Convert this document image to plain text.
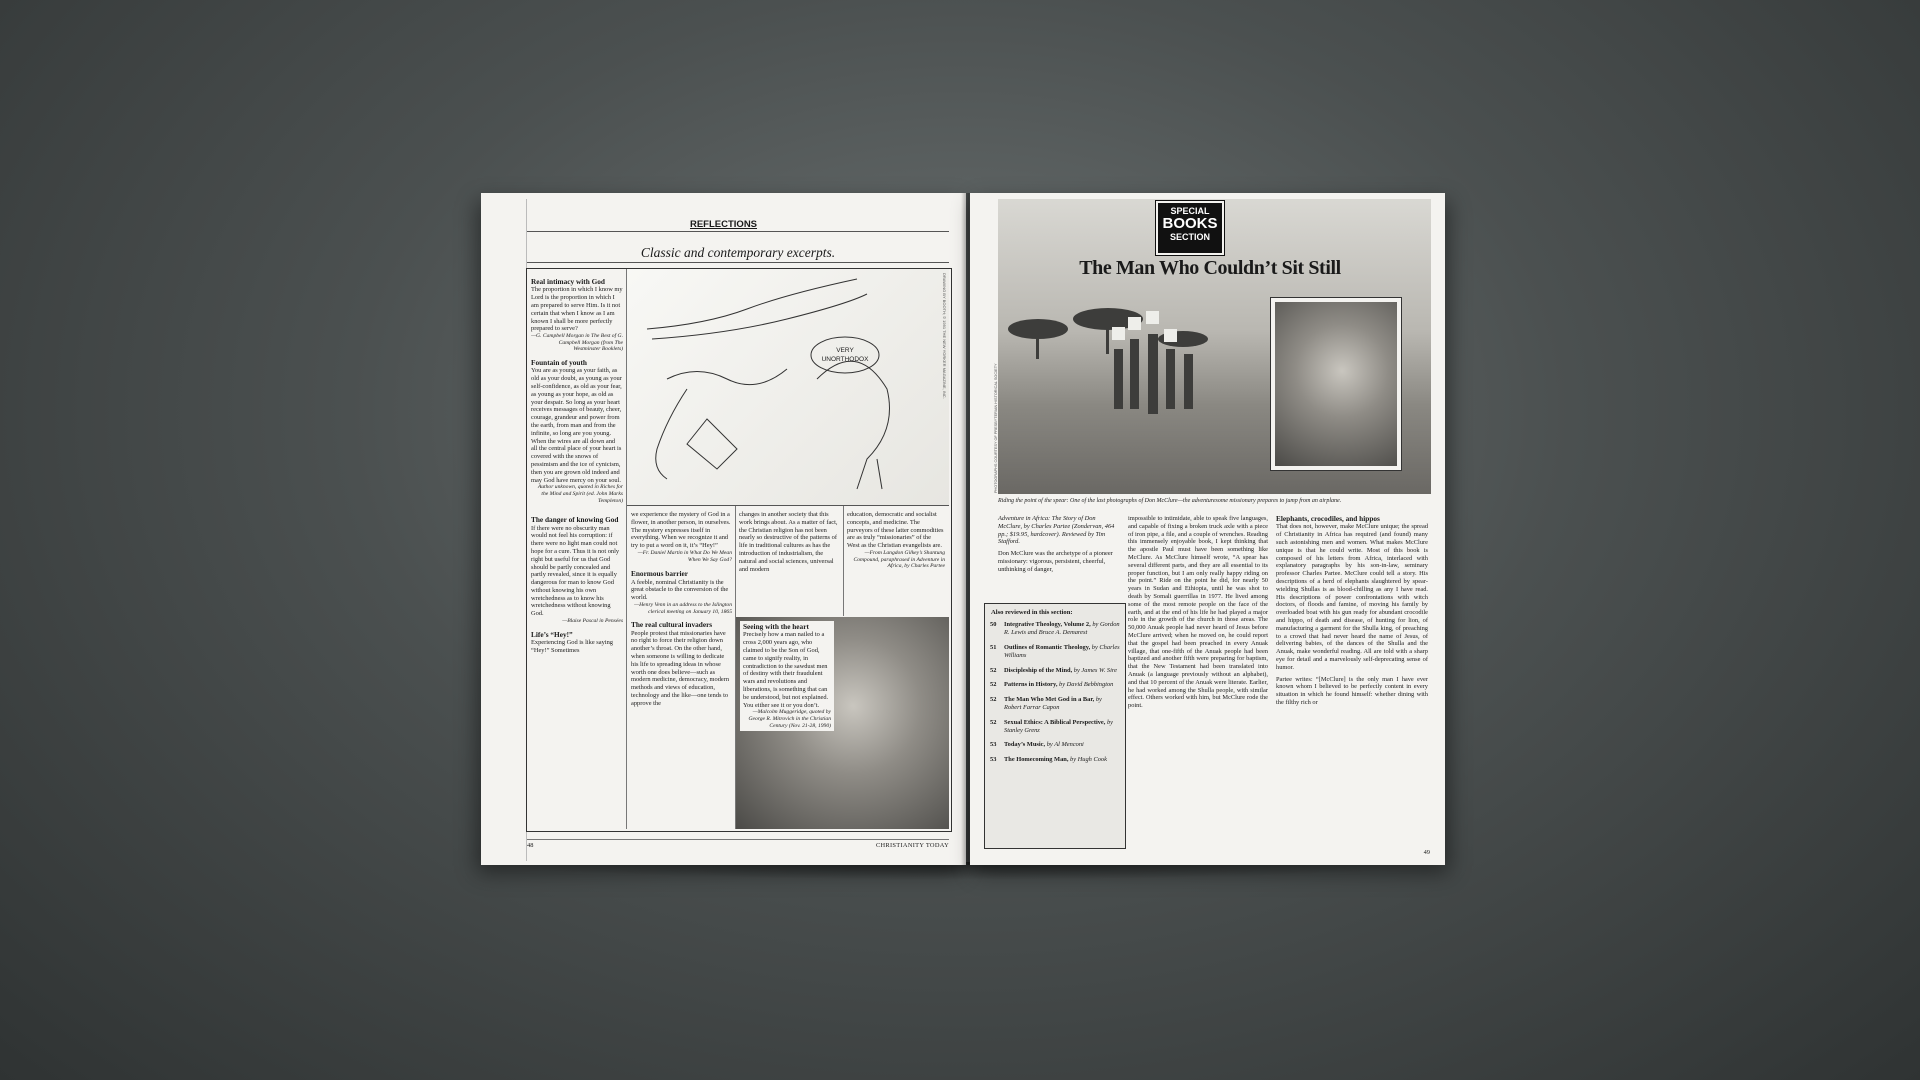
REFLECTIONS
Classic and contemporary excerpts.
Real intimacy with God
The proportion in which I know my Lord is the proportion in which I am prepared to serve Him. Is it not certain that when I know as I am known I shall be more perfectly prepared to serve?
—G. Campbell Morgan in The Best of G. Campbell Morgan (from The Westminster Booklets)
Fountain of youth
You are as young as your faith, as old as your doubt, as young as your self-confidence, as old as your fear, as young as your hope, as old as your despair. So long as your heart receives messages of beauty, cheer, courage, grandeur and power from the earth, from man and from the infinite, so long are you young. When the wires are all down and all the central place of your heart is covered with the snows of pessimism and the ice of cynicism, then you are grown old indeed and may God have mercy on your soul.
Author unknown, quoted in Riches for the Mind and Spirit (ed. John Marks Templeton)
The danger of knowing God
If there were no obscurity man would not feel his corruption: if there were no light man could not hope for a cure. Thus it is not only right but useful for us that God should be partly concealed and partly revealed, since it is equally dangerous for man to know God without knowing his own wretchedness as to know his wretchedness without knowing God.
—Blaise Pascal in Pensées
Life’s “Hey!”
Experiencing God is like saying “Hey!” Sometimes
VERY
UNORTHODOX	DRAWING BY BOOTH; © 1991 THE NEW YORKER MAGAZINE, INC.
we experience the mystery of God in a flower, in another person, in ourselves. The mystery expresses itself in everything. When we recognize it and try to put a word on it, it’s “Hey!”
—Fr. Daniel Martin in What Do We Mean When We Say God?
Enormous barrier
A feeble, nominal Christianity is the great obstacle to the conversion of the world.
—Henry Venn in an address to the Islington clerical meeting on January 10, 1865
The real cultural invaders
People protest that missionaries have no right to force their religion down another’s throat. On the other hand, when someone is willing to dedicate his life to spreading ideas in whose worth one does believe—such as modern medicine, democracy, modern methods and views of education, technology and the like—one tends to approve the
changes in another society that this work brings about. As a matter of fact, the Christian religion has not been nearly so destructive of the patterns of life in traditional cultures as has the introduction of industrialism, the natural and social sciences, universal and modern
education, democratic and socialist concepts, and medicine. The purveyors of these latter commodities are as truly “missionaries” of the West as the Christian evangelists are.
—From Langdon Gilkey’s Shantung Compound, paraphrased in Adventure in Africa, by Charles Partee
Seeing with the heart
Precisely how a man nailed to a cross 2,000 years ago, who claimed to be the Son of God, came to signify reality, in contradiction to the sawdust men of destiny with their fraudulent wars and revolutions and liberations, is something that can be understood, but not explained. You either see it or you don’t.
—Malcolm Muggeridge, quoted by George R. Mitrovich in the Christian Century (Nov. 21-28, 1990)
48	CHRISTIANITY TODAY
PHOTOGRAPHS COURTESY OF PRESBYTERIAN HISTORICAL SOCIETY
SPECIAL
BOOKS
SECTION
The Man Who Couldn’t Sit Still
Riding the point of the spear: One of the last photographs of Don McClure—the adventuresome missionary prepares to jump from an airplane.
Adventure in Africa: The Story of Don McClure, by Charles Partee (Zondervan, 464 pp.; $19.95, hardcover). Reviewed by Tim Stafford.
Don McClure was the archetype of a pioneer missionary: vigorous, persistent, cheerful, unthinking of danger,
Also reviewed in this section:
50	Integrative Theology, Volume 2, by Gordon R. Lewis and Bruce A. Demarest
51	Outlines of Romantic Theology, by Charles Williams
52	Discipleship of the Mind, by James W. Sire
52	Patterns in History, by David Bebbington
52	The Man Who Met God in a Bar, by Robert Farrar Capon
52	Sexual Ethics: A Biblical Perspective, by Stanley Grenz
53	Today’s Music, by Al Menconi
53	The Homecoming Man, by Hugh Cook
impossible to intimidate, able to speak five languages, and capable of fixing a broken truck axle with a piece of iron pipe, a file, and a couple of wrenches. Reading this immensely enjoyable book, I kept thinking that the apostle Paul must have been something like McClure. As McClure himself wrote, “A spear has several different parts, and they are all essential to its proper function, but I am only really happy riding on the point.” Ride on the point he did, for nearly 50 years in Sudan and Ethiopia, until he was shot to death by Somali guerrillas in 1977. He lived among some of the most remote people on the face of the earth, and at the end of his life he had played a major role in the growth of the church in those areas. The 50,000 Anuak people had never heard of Jesus before McClure arrived; when he moved on, he could report that the gospel had been preached in every Anuak village, that one-fifth of the Anuak people had been baptized and another fifth were preparing for baptism, that the New Testament had been translated into Anuak (a language previously without an alphabet), and that 10 percent of the Anuak were literate. Earlier, he had worked among the Shulla people, with similar effect. Others worked with him, but McClure rode the point.
Elephants, crocodiles, and hippos
That does not, however, make McClure unique; the spread of Christianity in Africa has required (and found) many such astonishing men and women. What makes McClure unique is that he could write. Most of this book is composed of his letters from Africa, interlaced with explanatory paragraphs by his son-in-law, seminary professor Charles Partee. McClure could tell a story. His descriptions of a herd of elephants slaughtered by spear-wielding Shullas is as blood-chilling as any I have read. His descriptions of power confrontations with witch doctors, of floods and famine, of moving his family by overloaded boat with his gun ready for abundant crocodile and hippo, of death and disease, of hunting for lion, of manufacturing a garment for the Shulla king, of preaching to a crowd that had never heard the name of Jesus, of delivering babies, of the dances of the Shulla and the Anuak, make wonderful reading. All are told with a sharp eye for detail and a marvelously self-deprecating sense of humor.
Partee writes: “[McClure] is the only man I have ever known whom I believed to be perfectly content in every situation in which he found himself: whether dining with the filthy rich or
49
